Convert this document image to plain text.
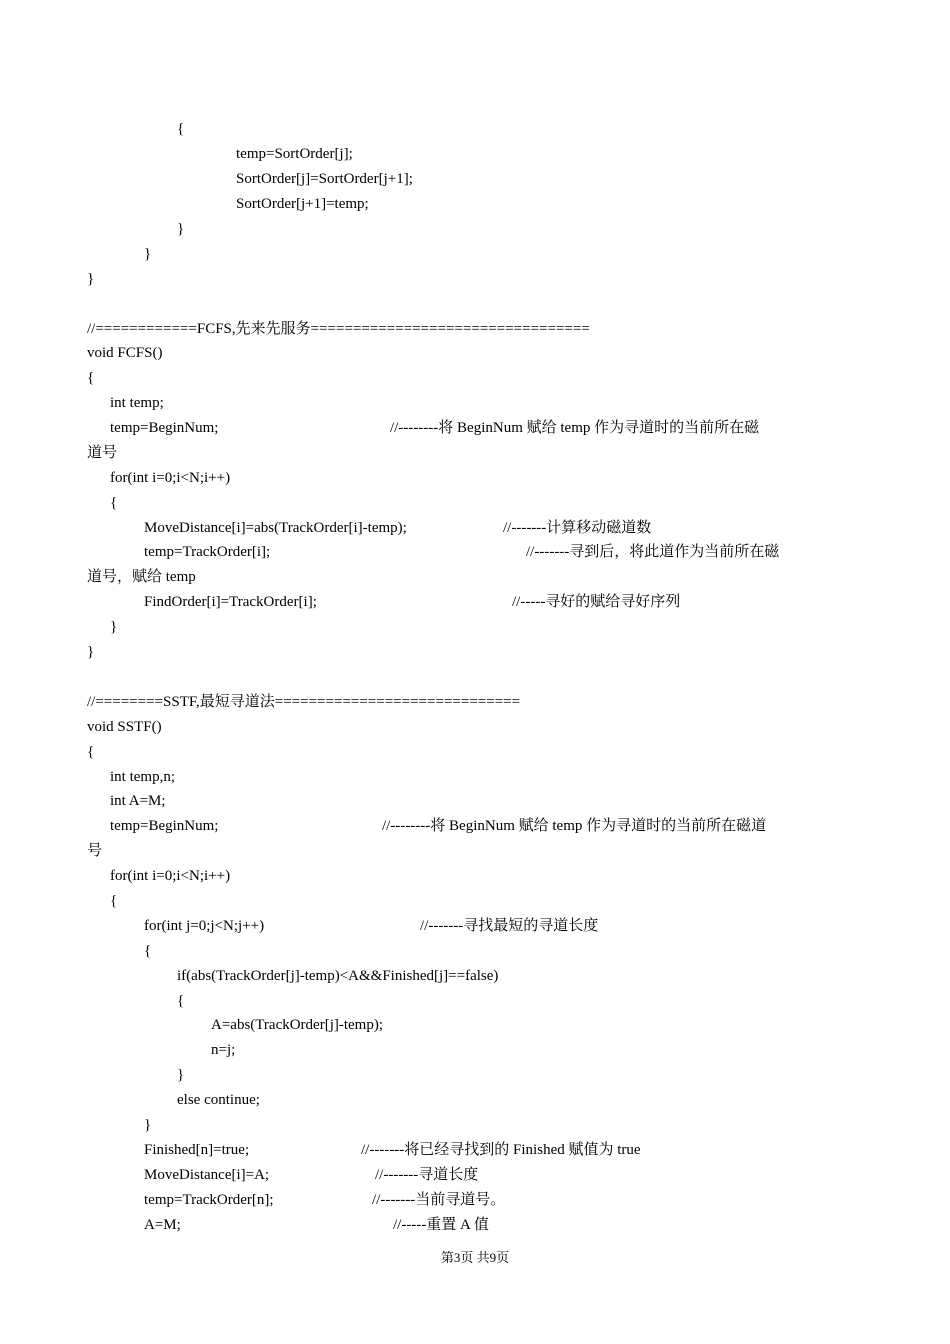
{
temp=SortOrder[j];
SortOrder[j]=SortOrder[j+1];
SortOrder[j+1]=temp;
}
}
}
//============FCFS,先来先服务=================================
void FCFS()
{
int temp;
temp=BeginNum;	//--------将 BeginNum 赋给 temp 作为寻道时的当前所在磁
道号
for(int i=0;i<N;i++)
{
MoveDistance[i]=abs(TrackOrder[i]-temp);	//-------计算移动磁道数
temp=TrackOrder[i];	//-------寻到后，将此道作为当前所在磁
道号，赋给 temp
FindOrder[i]=TrackOrder[i];	//-----寻好的赋给寻好序列
}
}
//========SSTF,最短寻道法=============================
void SSTF()
{
int temp,n;
int A=M;
temp=BeginNum;	//--------将 BeginNum 赋给 temp 作为寻道时的当前所在磁道
号
for(int i=0;i<N;i++)
{
for(int j=0;j<N;j++)	//-------寻找最短的寻道长度
{
if(abs(TrackOrder[j]-temp)<A&&Finished[j]==false)
{
A=abs(TrackOrder[j]-temp);
n=j;
}
else continue;
}
Finished[n]=true;	//-------将已经寻找到的 Finished 赋值为 true
MoveDistance[i]=A;	//-------寻道长度
temp=TrackOrder[n];	//-------当前寻道号。
A=M;	//-----重置 A 值
第3页 共9页
